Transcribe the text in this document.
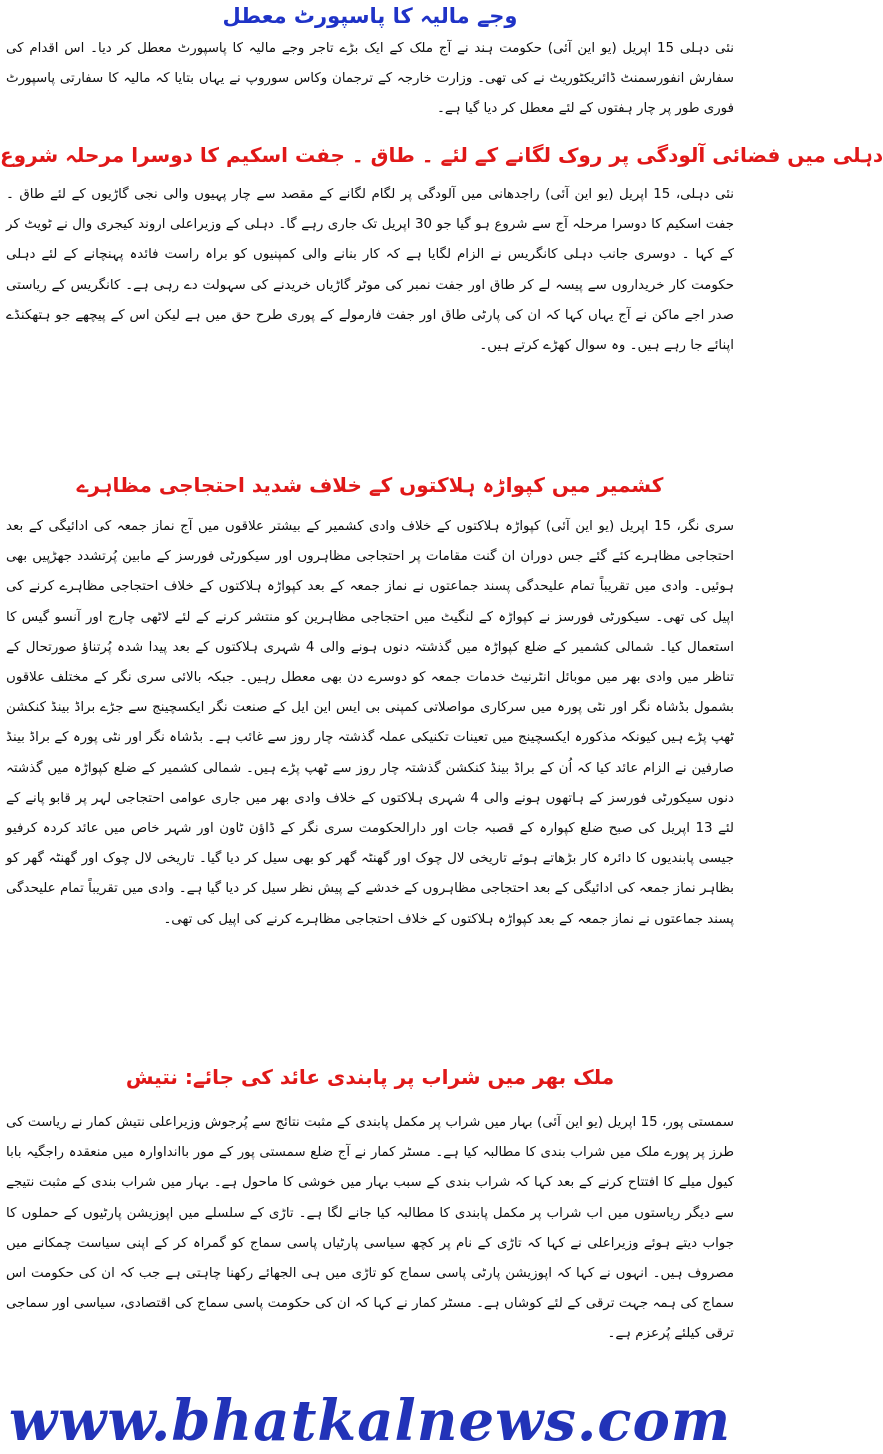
وجے مالیہ کا پاسپورٹ معطل
نئی دہلی 15 اپریل (یو این آئی) حکومت ہند نے آج ملک کے ایک بڑے تاجر وجے مالیہ کا پاسپورٹ معطل کر دیا۔ اس اقدام کی سفارش انفورسمنٹ ڈائریکٹوریٹ نے کی تھی۔ وزارت خارجہ کے ترجمان وکاس سوروپ نے یہاں بتایا کہ مالیہ کا سفارتی پاسپورٹ فوری طور پر چار ہفتوں کے لئے معطل کر دیا گیا ہے۔
دہلی میں فضائی آلودگی پر روک لگانے کے لئے ۔ طاق ۔ جفت اسکیم کا دوسرا مرحلہ شروع
نئی دہلی، 15 اپریل (یو این آئی) راجدھانی میں آلودگی پر لگام لگانے کے مقصد سے چار پہیوں والی نجی گاڑیوں کے لئے طاق ۔ جفت اسکیم کا دوسرا مرحلہ آج سے شروع ہو گیا جو 30 اپریل تک جاری رہے گا۔ دہلی کے وزیراعلی اروند کیجری وال نے ٹویٹ کر کے کہا ۔ دوسری جانب دہلی کانگریس نے الزام لگایا ہے کہ کار بنانے والی کمپنیوں کو براہ راست فائدہ پہنچانے کے لئے دہلی حکومت کار خریداروں سے پیسہ لے کر طاق اور جفت نمبر کی موٹر گاڑیاں خریدنے کی سہولت دے رہی ہے۔ کانگریس کے ریاستی صدر اجے ماکن نے آج یہاں کہا کہ ان کی پارٹی طاق اور جفت فارمولے کے پوری طرح حق میں ہے لیکن اس کے پیچھے جو ہتھکنڈے اپنائے جا رہے ہیں۔ وہ سوال کھڑے کرتے ہیں۔
کشمیر میں کپواڑہ ہلاکتوں کے خلاف شدید احتجاجی مظاہرے
سری نگر، 15 اپریل (یو این آئی) کپواڑہ ہلاکتوں کے خلاف وادی کشمیر کے بیشتر علاقوں میں آج نماز جمعہ کی ادائیگی کے بعد احتجاجی مظاہرے کئے گئے جس دوران ان گنت مقامات پر احتجاجی مظاہروں اور سیکورٹی فورسز کے مابین پُرتشدد جھڑپیں بھی ہوئیں۔ وادی میں تقریباً تمام علیحدگی پسند جماعتوں نے نماز جمعہ کے بعد کپواڑہ ہلاکتوں کے خلاف احتجاجی مظاہرے کرنے کی اپیل کی تھی۔ سیکورٹی فورسز نے کپواڑہ کے لنگیٹ میں احتجاجی مظاہرین کو منتشر کرنے کے لئے لاٹھی چارج اور آنسو گیس کا استعمال کیا۔ شمالی کشمیر کے ضلع کپواڑہ میں گذشتہ دنوں ہونے والی 4 شہری ہلاکتوں کے بعد پیدا شدہ پُرتناؤ صورتحال کے تناظر میں وادی بھر میں موبائل انٹرنیٹ خدمات جمعہ کو دوسرے دن بھی معطل رہیں۔ جبکہ بالائی سری نگر کے مختلف علاقوں بشمول بڈشاہ نگر اور نٹی پورہ میں سرکاری مواصلاتی کمپنی بی ایس این ایل کے صنعت نگر ایکسچینج سے جڑے براڈ بینڈ کنکشن ٹھپ پڑے ہیں کیونکہ مذکورہ ایکسچینج میں تعینات تکنیکی عملہ گذشتہ چار روز سے غائب ہے۔ بڈشاہ نگر اور نٹی پورہ کے براڈ بینڈ صارفین نے الزام عائد کیا کہ اُن کے براڈ بینڈ کنکشن گذشتہ چار روز سے ٹھپ پڑے ہیں۔ شمالی کشمیر کے ضلع کپواڑہ میں گذشتہ دنوں سیکورٹی فورسز کے ہاتھوں ہونے والی 4 شہری ہلاکتوں کے خلاف وادی بھر میں جاری عوامی احتجاجی لہر پر قابو پانے کے لئے 13 اپریل کی صبح ضلع کپوارہ کے قصبہ جات اور دارالحکومت سری نگر کے ڈاؤن ٹاون اور شہر خاص میں عائد کردہ کرفیو جیسی پابندیوں کا دائرہ کار بڑھاتے ہوئے تاریخی لال چوک اور گھنٹہ گھر کو بھی سیل کر دیا گیا۔ تاریخی لال چوک اور گھنٹہ گھر کو بظاہر نماز جمعہ کی ادائیگی کے بعد احتجاجی مظاہروں کے خدشے کے پیش نظر سیل کر دیا گیا ہے۔ وادی میں تقریباً تمام علیحدگی پسند جماعتوں نے نماز جمعہ کے بعد کپواڑہ ہلاکتوں کے خلاف احتجاجی مظاہرے کرنے کی اپیل کی تھی۔
ملک بھر میں شراب پر پابندی عائد کی جائے: نتیش
سمستی پور، 15 اپریل (یو این آئی) بہار میں شراب پر مکمل پابندی کے مثبت نتائج سے پُرجوش وزیراعلی نتیش کمار نے ریاست کی طرز پر پورے ملک میں شراب بندی کا مطالبہ کیا ہے۔ مسٹر کمار نے آج ضلع سمستی پور کے مور باانداوارہ میں منعقدہ راجگیہ بابا کیول میلے کا افتتاح کرنے کے بعد کہا کہ شراب بندی کے سبب بہار میں خوشی کا ماحول ہے۔ بہار میں شراب بندی کے مثبت نتیجے سے دیگر ریاستوں میں اب شراب پر مکمل پابندی کا مطالبہ کیا جانے لگا ہے۔ تاڑی کے سلسلے میں اپوزیشن پارٹیوں کے حملوں کا جواب دیتے ہوئے وزیراعلی نے کہا کہ تاڑی کے نام پر کچھ سیاسی پارٹیاں پاسی سماج کو گمراہ کر کے اپنی سیاست چمکانے میں مصروف ہیں۔ انہوں نے کہا کہ اپوزیشن پارٹی پاسی سماج کو تاڑی میں ہی الجھائے رکھنا چاہتی ہے جب کہ ان کی حکومت اس سماج کی ہمہ جہت ترقی کے لئے کوشاں ہے۔ مسٹر کمار نے کہا کہ ان کی حکومت پاسی سماج کی اقتصادی، سیاسی اور سماجی ترقی کیلئے پُرعزم ہے۔
www.bhatkalnews.com
